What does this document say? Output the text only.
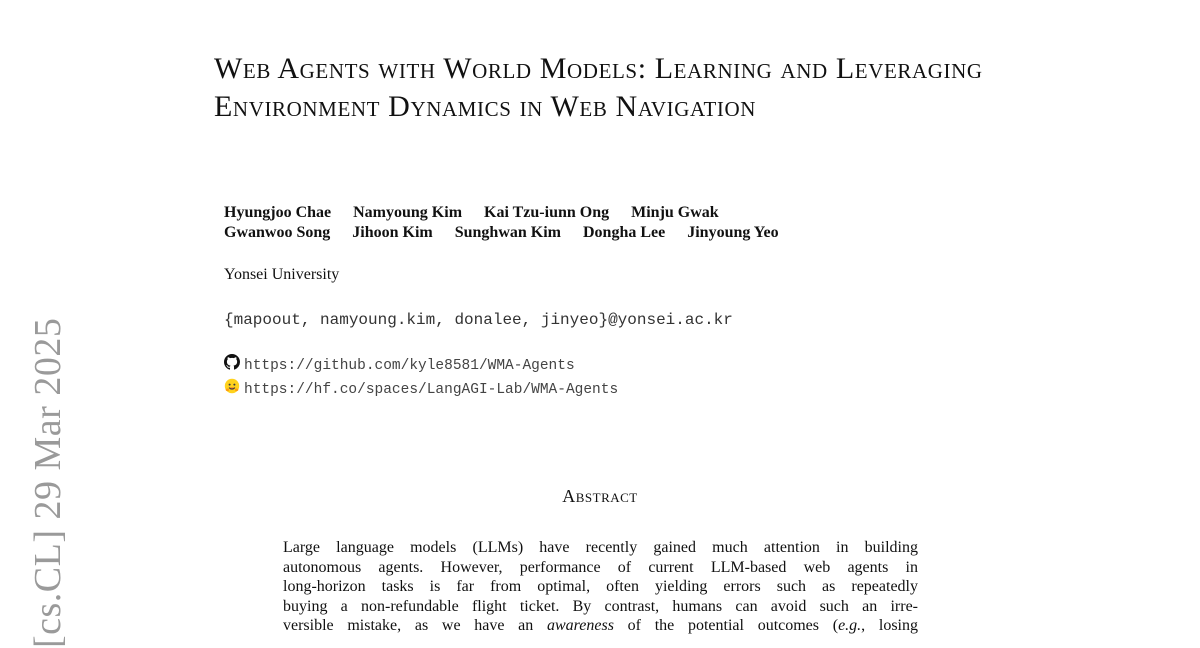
[cs.CL] 29 Mar 2025
Web Agents with World Models: Learning and Leveraging Environment Dynamics in Web Navigation
Hyungjoo Chae Namyoung Kim Kai Tzu-iunn Ong Minju Gwak
Gwanwoo Song Jihoon Kim Sunghwan Kim Dongha Lee Jinyoung Yeo
Yonsei University
{mapoout, namyoung.kim, donalee, jinyeo}@yonsei.ac.kr
https://github.com/kyle8581/WMA-Agents
https://hf.co/spaces/LangAGI-Lab/WMA-Agents
Abstract
Large language models (LLMs) have recently gained much attention in building
autonomous agents. However, performance of current LLM-based web agents in
long-horizon tasks is far from optimal, often yielding errors such as repeatedly
buying a non-refundable flight ticket. By contrast, humans can avoid such an irre-
versible mistake, as we have an awareness of the potential outcomes (e.g., losing
